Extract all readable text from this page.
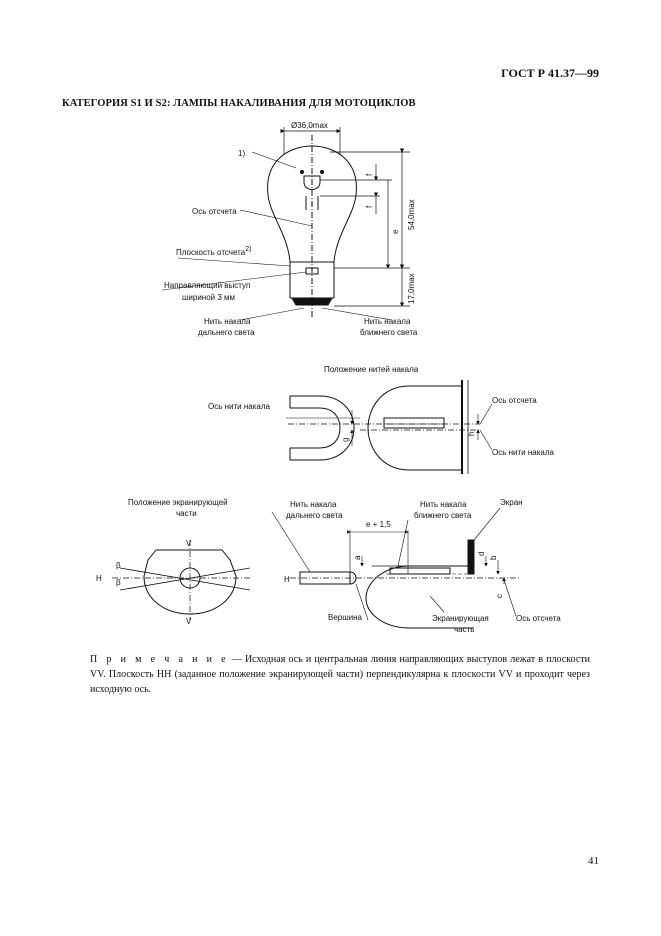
ГОСТ Р 41.37—99
КАТЕГОРИЯ S1 И S2: ЛАМПЫ НАКАЛИВАНИЯ ДЛЯ МОТОЦИКЛОВ
Ø36,0max
54,0max
17,0max
e
f
f
1)
Ось отсчета
Плоскость отсчета2)
Направляющий выступ
шириной 3 мм
Нить накала
дальнего света
Нить накала
ближнего света
Положение нитей накала
Ось нити накала
Ось отсчета
Ось нити накала
g
h
Положение экранирующей
части
V
V
H
β
β
Нить накала
дальнего света
Нить накала
ближнего света
Экран
e + 1,5
a
d
b
c
H
Вершина	Экранирующая
часть
Ось отсчета
П р и м е ч а н и е — Исходная ось и центральная линия направляющих выступов лежат в плоскости VV. Плоскость HH (заданное положение экранирующей части) перпендикулярна к плоскости VV и проходит через исходную ось.
41
